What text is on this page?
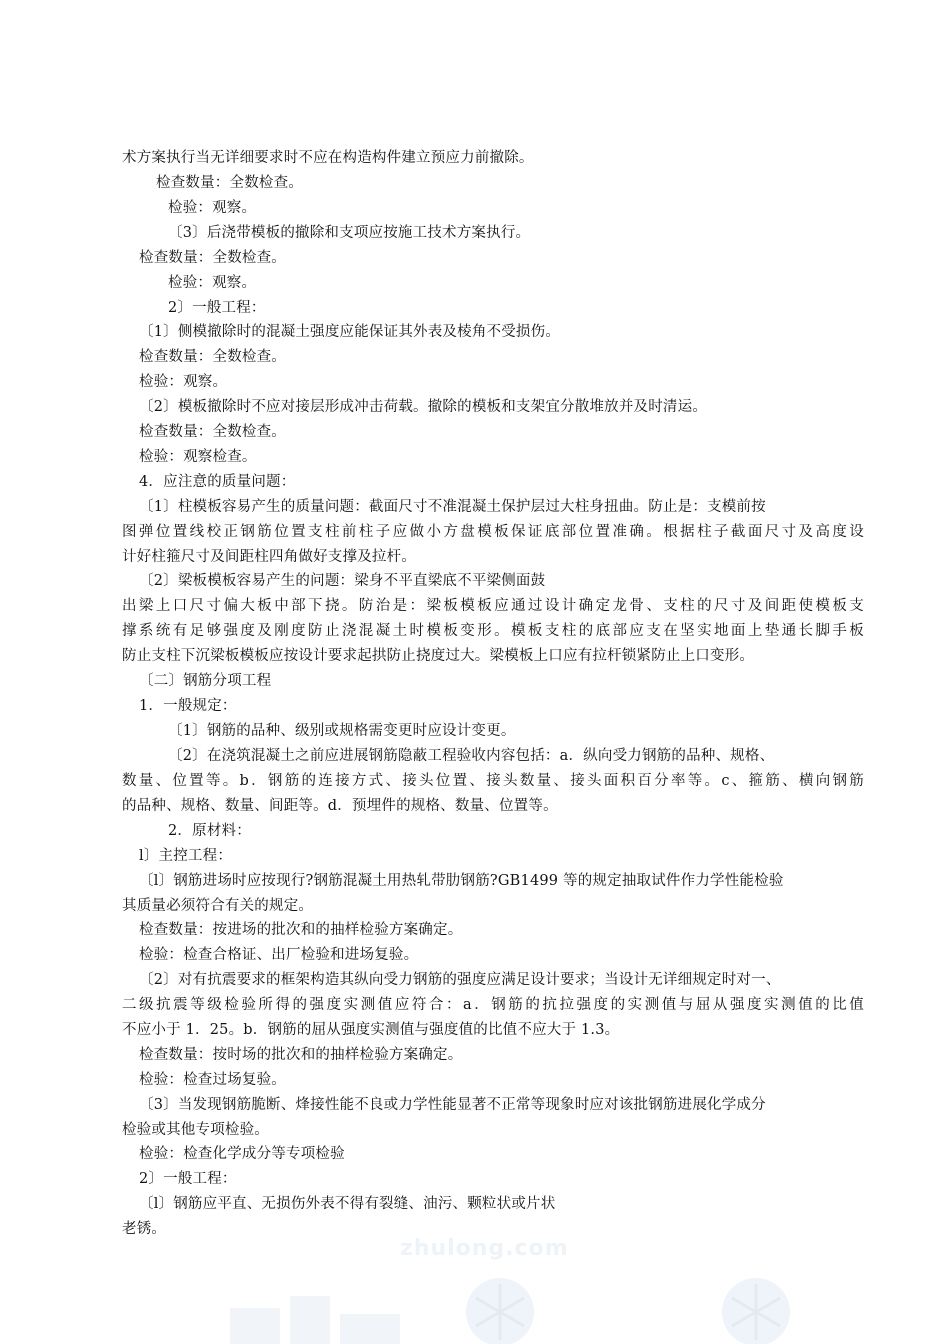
术方案执行当无详细要求时不应在构造构件建立预应力前撤除。

检查数量：全数检查。

检验：观察。

〔3〕后浇带模板的撤除和支项应按施工技术方案执行。

检查数量：全数检查。

检验：观察。

2〕一般工程：

〔1〕侧模撤除时的混凝土强度应能保证其外表及棱角不受损伤。

检查数量：全数检查。

检验：观察。

〔2〕模板撤除时不应对接层形成冲击荷载。撤除的模板和支架宜分散堆放并及时清运。

检查数量：全数检查。

检验：观察检查。

4．应注意的质量问题：

〔1〕柱模板容易产生的质量问题：截面尺寸不准混凝土保护层过大柱身扭曲。防止是：支模前按

图弹位置线校正钢筋位置支柱前柱子应做小方盘模板保证底部位置准确。根据柱子截面尺寸及高度设

计好柱箍尺寸及间距柱四角做好支撑及拉杆。

〔2〕梁板模板容易产生的问题：梁身不平直梁底不平梁侧面鼓

出梁上口尺寸偏大板中部下挠。防治是：梁板模板应通过设计确定龙骨、支柱的尺寸及间距使模板支

撑系统有足够强度及刚度防止浇混凝土时模板变形。模板支柱的底部应支在坚实地面上垫通长脚手板

防止支柱下沉梁板模板应按设计要求起拱防止挠度过大。梁模板上口应有拉杆锁紧防止上口变形。

〔二〕钢筋分项工程

1．一般规定：

〔1〕钢筋的品种、级别或规格需变更时应设计变更。

〔2〕在浇筑混凝土之前应进展钢筋隐蔽工程验收内容包括：a．纵向受力钢筋的品种、规格、

数量、位置等。b．钢筋的连接方式、接头位置、接头数量、接头面积百分率等。c、箍筋、横向钢筋

的品种、规格、数量、间距等。d．预埋件的规格、数量、位置等。

2．原材料：

l〕主控工程：

〔l〕钢筋进场时应按现行?钢筋混凝土用热轧带肋钢筋?GB1499 等的规定抽取试件作力学性能检验

其质量必须符合有关的规定。

检查数量：按进场的批次和的抽样检验方案确定。

检验：检查合格证、出厂检验和进场复验。

〔2〕对有抗震要求的框架构造其纵向受力钢筋的强度应满足设计要求；当设计无详细规定时对一、

二级抗震等级检验所得的强度实测值应符合：a．钢筋的抗拉强度的实测值与屈从强度实测值的比值

不应小于 1．25。b．钢筋的屈从强度实测值与强度值的比值不应大于 1.3。

检查数量：按时场的批次和的抽样检验方案确定。

检验：检查过场复验。

〔3〕当发现钢筋脆断、烽接性能不良或力学性能显著不正常等现象时应对该批钢筋进展化学成分

检验或其他专项检验。

检验：检查化学成分等专项检验

2〕一般工程：

〔l〕钢筋应平直、无损伤外表不得有裂缝、油污、颗粒状或片状

老锈。

zhulong.com
